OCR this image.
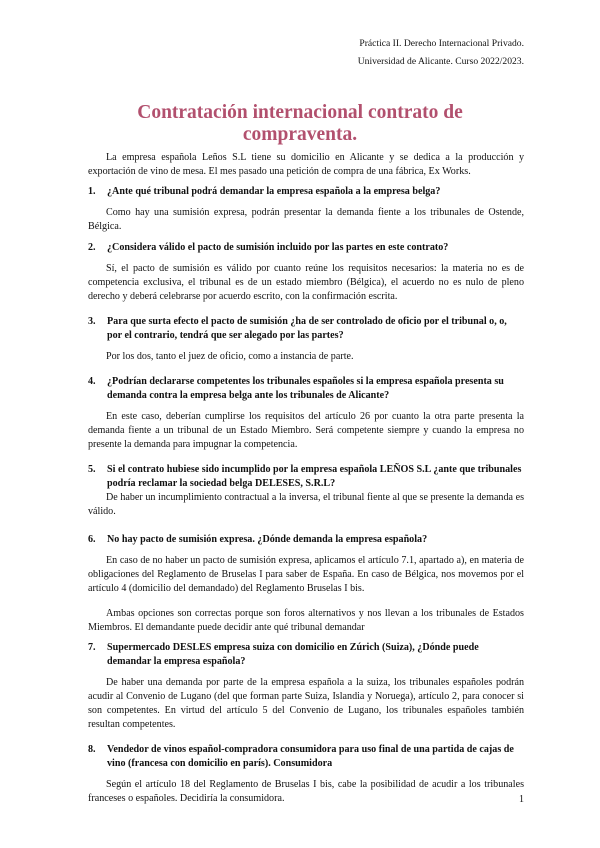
Práctica II. Derecho Internacional Privado.
Universidad de Alicante. Curso 2022/2023.
Contratación internacional contrato de compraventa.

La empresa española Leños S.L tiene su domicilio en Alicante y se dedica a la producción y exportación de vino de mesa. El mes pasado una petición de compra de una fábrica, Ex Works.

1. ¿Ante qué tribunal podrá demandar la empresa española a la empresa belga?

Como hay una sumisión expresa, podrán presentar la demanda fiente a los tribunales de Ostende, Bélgica.

2. ¿Considera válido el pacto de sumisión incluido por las partes en este contrato?

Sí, el pacto de sumisión es válido por cuanto reúne los requisitos necesarios: la materia no es de competencia exclusiva, el tribunal es de un estado miembro (Bélgica), el acuerdo no es nulo de pleno derecho y deberá celebrarse por acuerdo escrito, con la confirmación escrita.

3. Para que surta efecto el pacto de sumisión ¿ha de ser controlado de oficio por el tribunal o, o, por el contrario, tendrá que ser alegado por las partes?

Por los dos, tanto el juez de oficio, como a instancia de parte.

4. ¿Podrían declararse competentes los tribunales españoles si la empresa española presenta su demanda contra la empresa belga ante los tribunales de Alicante?

En este caso, deberían cumplirse los requisitos del artículo 26 por cuanto la otra parte presenta la demanda fiente a un tribunal de un Estado Miembro. Será competente siempre y cuando la empresa no presente la demanda para impugnar la competencia.

5. Si el contrato hubiese sido incumplido por la empresa española LEÑOS S.L ¿ante que tribunales podría reclamar la sociedad belga DELESES, S.R.L?

De haber un incumplimiento contractual a la inversa, el tribunal fiente al que se presente la demanda es válido.

6. No hay pacto de sumisión expresa. ¿Dónde demanda la empresa española?

En caso de no haber un pacto de sumisión expresa, aplicamos el artículo 7.1, apartado a), en materia de obligaciones del Reglamento de Bruselas I para saber de España. En caso de Bélgica, nos movemos por el artículo 4 (domicilio del demandado) del Reglamento Bruselas I bis.

Ambas opciones son correctas porque son foros alternativos y nos llevan a los tribunales de Estados Miembros. El demandante puede decidir ante qué tribunal demandar

7. Supermercado DESLES empresa suiza con domicilio en Zúrich (Suiza), ¿Dónde puede demandar la empresa española?

De haber una demanda por parte de la empresa española a la suiza, los tribunales españoles podrán acudir al Convenio de Lugano (del que forman parte Suiza, Islandia y Noruega), artículo 2, para conocer si son competentes. En virtud del artículo 5 del Convenio de Lugano, los tribunales españoles también resultan competentes.

8. Vendedor de vinos español-compradora consumidora para uso final de una partida de cajas de vino (francesa con domicilio en parís). Consumidora

Según el artículo 18 del Reglamento de Bruselas I bis, cabe la posibilidad de acudir a los tribunales franceses o españoles. Decidiría la consumidora.	1
